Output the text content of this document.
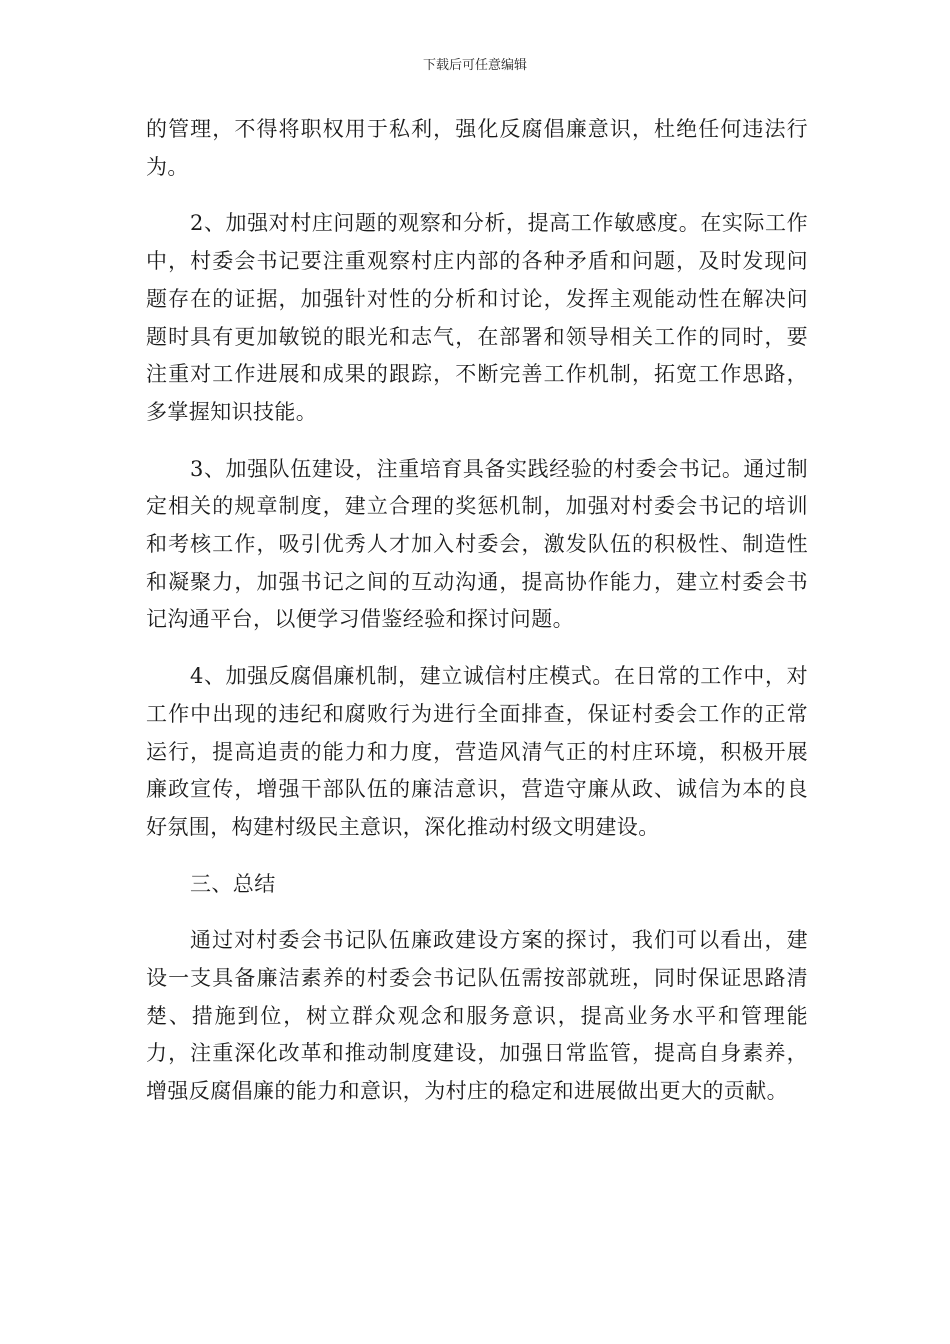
下载后可任意编辑

的管理，不得将职权用于私利，强化反腐倡廉意识，杜绝任何违法行为。

2、加强对村庄问题的观察和分析，提高工作敏感度。在实际工作中，村委会书记要注重观察村庄内部的各种矛盾和问题，及时发现问题存在的证据，加强针对性的分析和讨论，发挥主观能动性在解决问题时具有更加敏锐的眼光和志气，在部署和领导相关工作的同时，要注重对工作进展和成果的跟踪，不断完善工作机制，拓宽工作思路，多掌握知识技能。

3、加强队伍建设，注重培育具备实践经验的村委会书记。通过制定相关的规章制度，建立合理的奖惩机制，加强对村委会书记的培训和考核工作，吸引优秀人才加入村委会，激发队伍的积极性、制造性和凝聚力，加强书记之间的互动沟通，提高协作能力，建立村委会书记沟通平台，以便学习借鉴经验和探讨问题。

4、加强反腐倡廉机制，建立诚信村庄模式。在日常的工作中，对工作中出现的违纪和腐败行为进行全面排查，保证村委会工作的正常运行，提高追责的能力和力度，营造风清气正的村庄环境，积极开展廉政宣传，增强干部队伍的廉洁意识，营造守廉从政、诚信为本的良好氛围，构建村级民主意识，深化推动村级文明建设。

三、总结

通过对村委会书记队伍廉政建设方案的探讨，我们可以看出，建设一支具备廉洁素养的村委会书记队伍需按部就班，同时保证思路清楚、措施到位，树立群众观念和服务意识，提高业务水平和管理能力，注重深化改革和推动制度建设，加强日常监管，提高自身素养，增强反腐倡廉的能力和意识，为村庄的稳定和进展做出更大的贡献。
